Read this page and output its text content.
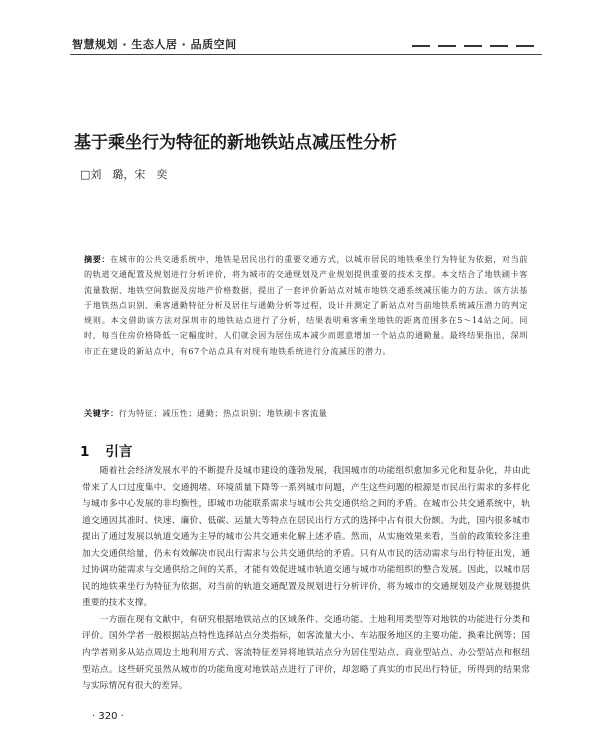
智慧规划 · 生态人居 · 品质空间
基于乘坐行为特征的新地铁站点减压性分析
□刘　璐，宋　奕
摘要：在城市的公共交通系统中，地铁是居民出行的重要交通方式，以城市居民的地铁乘坐行为特征为依据，对当前的轨道交通配置及规划进行分析评价，将为城市的交通规划及产业规划提供重要的技术支撑。本文结合了地铁刷卡客流量数据、地铁空间数据及房地产价格数据，提出了一套评价新站点对城市地铁交通系统减压能力的方法。该方法基于地铁热点识别、乘客通勤特征分析及居住与通勤分析等过程，设计并测定了新站点对当前地铁系统减压潜力的判定规则。本文借助该方法对深圳市的地铁站点进行了分析，结果表明乘客乘坐地铁的距离范围多在5～14站之间。同时，每当住房价格降低一定幅度时，人们就会因为居住成本减少而愿意增加一个站点的通勤量。最终结果指出，深圳市正在建设的新站点中，有67个站点具有对现有地铁系统进行分流减压的潜力。
关键字：行为特征；减压性；通勤；热点识别；地铁刷卡客流量
1 引言

随着社会经济发展水平的不断提升及城市建设的蓬勃发展，我国城市的功能组织愈加多元化和复杂化，并由此带来了人口过度集中、交通拥堵、环境质量下降等一系列城市问题，产生这些问题的根源是市民出行需求的多样化与城市多中心发展的非均衡性，即城市功能联系需求与城市公共交通供给之间的矛盾。在城市公共交通系统中，轨道交通因其准时、快速、廉价、低碳、运量大等特点在居民出行方式的选择中占有很大份额。为此，国内很多城市提出了通过发展以轨道交通为主导的城市公共交通来化解上述矛盾。然而，从实施效果来看，当前的政策较多注重加大交通供给量，仍未有效解决市民出行需求与公共交通供给的矛盾。只有从市民的活动需求与出行特征出发，通过协调功能需求与交通供给之间的关系，才能有效促进城市轨道交通与城市功能组织的整合发展。因此，以城市居民的地铁乘坐行为特征为依据，对当前的轨道交通配置及规划进行分析评价，将为城市的交通规划及产业规划提供重要的技术支撑。

一方面在现有文献中，有研究根据地铁站点的区域条件、交通功能、土地利用类型等对地铁的功能进行分类和评价。国外学者一般根据站点特性选择站点分类指标，如客流量大小、车站服务地区的主要功能、换乘比例等；国内学者则多从站点周边土地利用方式、客流特征差异将地铁站点分为居住型站点、商业型站点、办公型站点和枢纽型站点。这些研究虽然从城市的功能角度对地铁站点进行了评价，却忽略了真实的市民出行特征，所得到的结果常与实际情况有很大的差异。

· 320 ·
